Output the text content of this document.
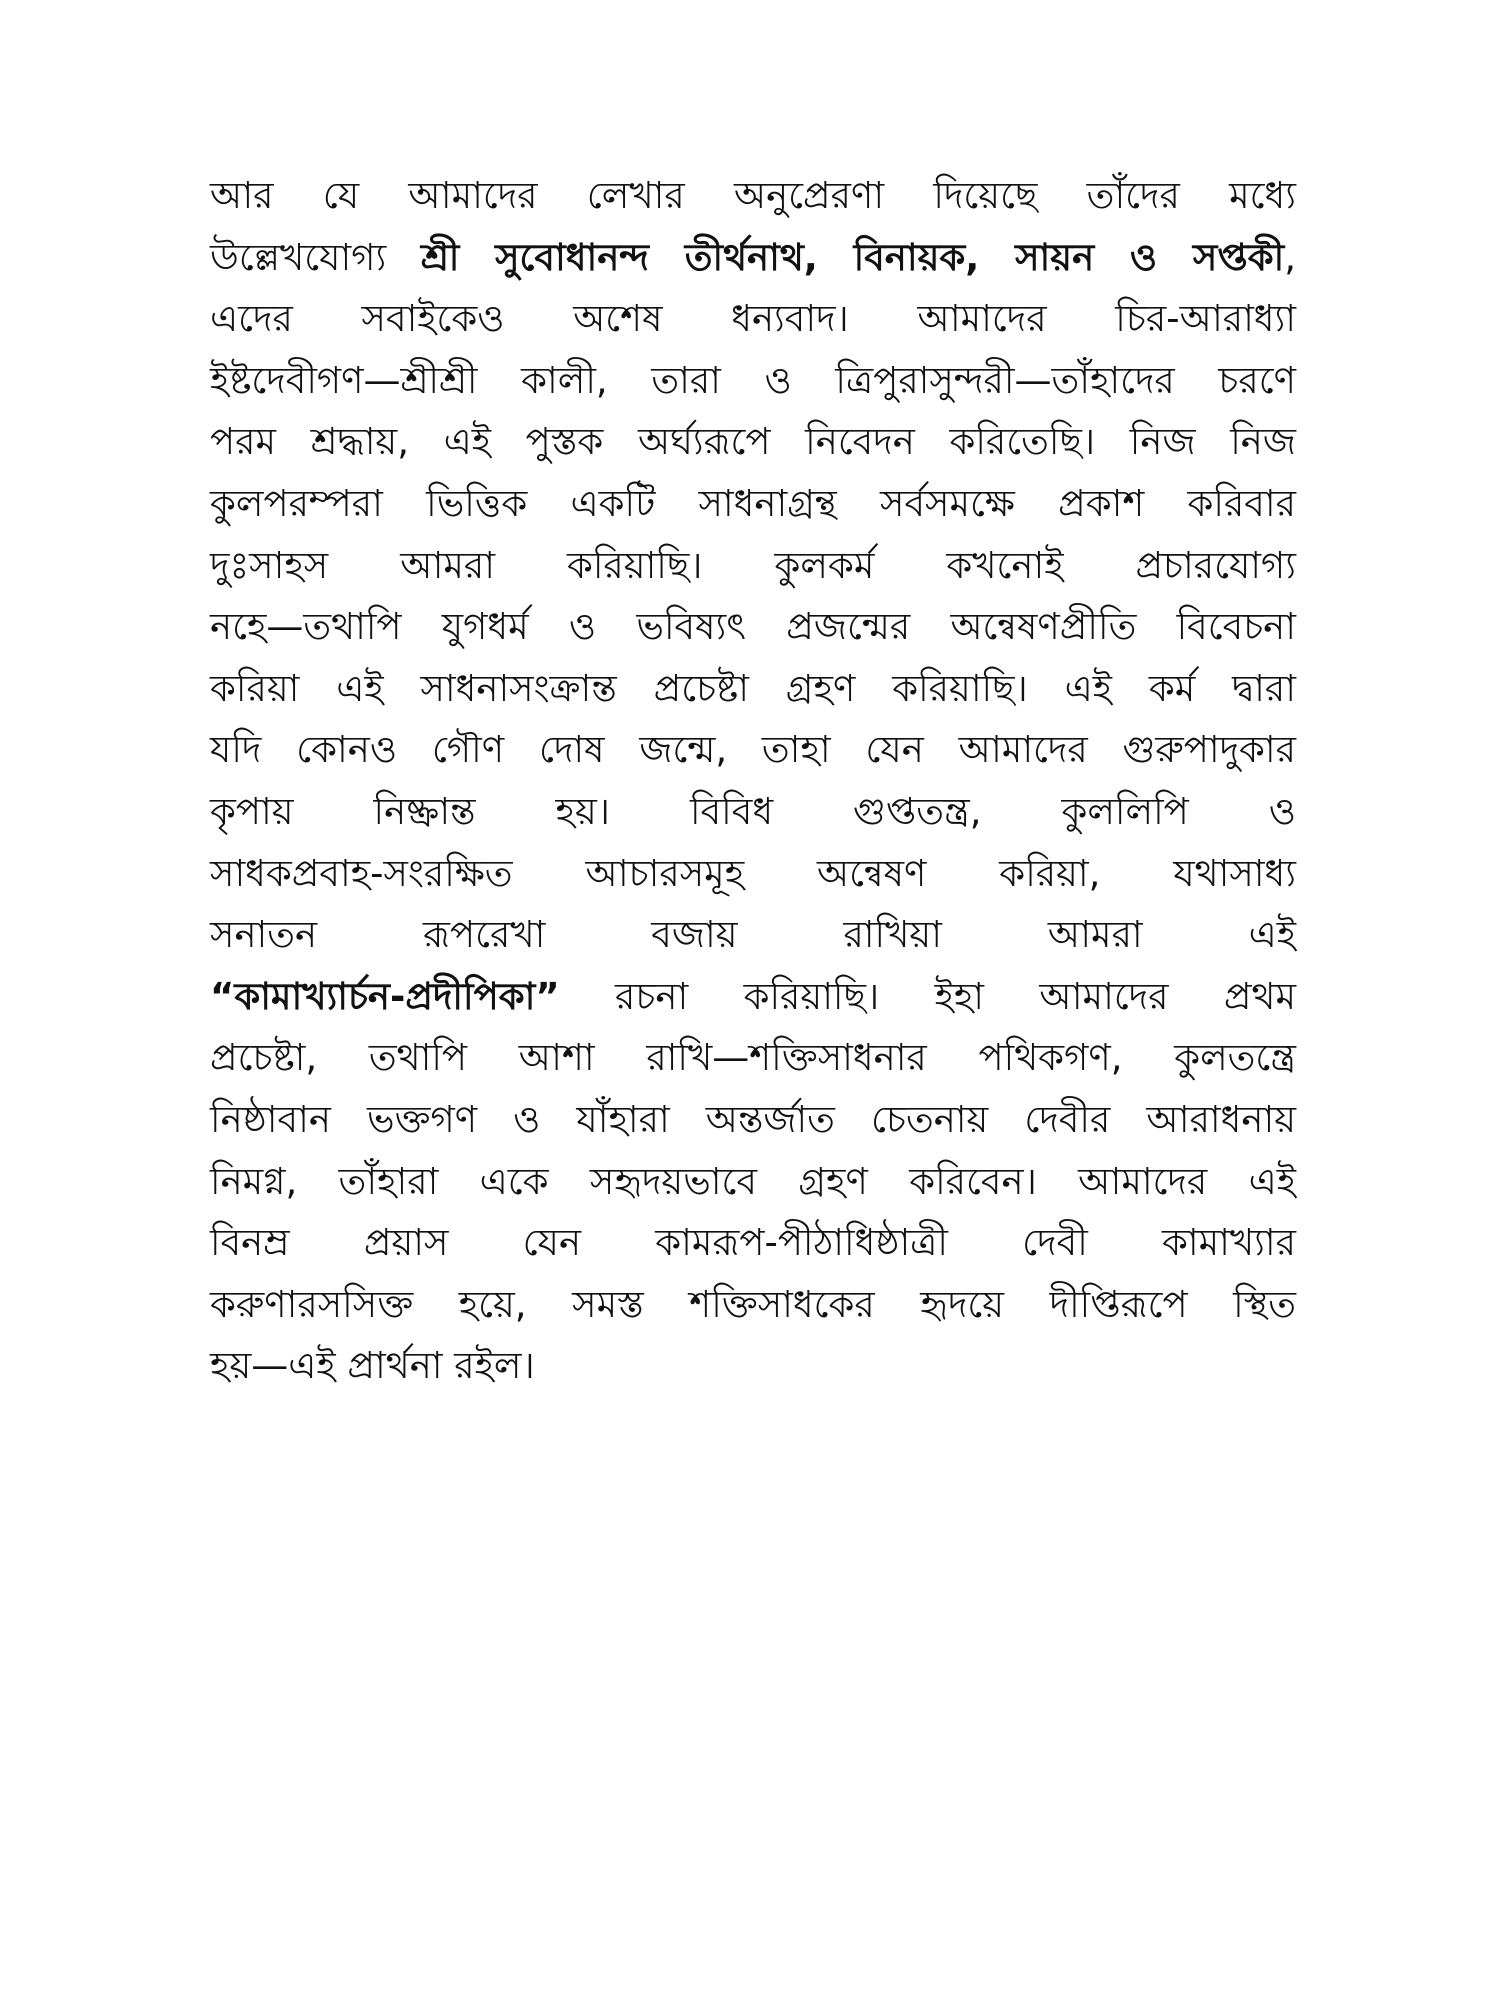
আর যে আমাদের লেখার অনুপ্রেরণা দিয়েছে তাঁদের মধ্যে
উল্লেখযোগ্য শ্রী সুবোধানন্দ তীর্থনাথ, বিনায়ক, সায়ন ও সপ্তকী,
এদের সবাইকেও অশেষ ধন্যবাদ। আমাদের চির-আরাধ্যা
ইষ্টদেবীগণ—শ্রীশ্রী কালী, তারা ও ত্রিপুরাসুন্দরী—তাঁহাদের চরণে
পরম শ্রদ্ধায়, এই পুস্তক অর্ঘ্যরূপে নিবেদন করিতেছি। নিজ নিজ
কুলপরম্পরা ভিত্তিক একটি সাধনাগ্রন্থ সর্বসমক্ষে প্রকাশ করিবার
দুঃসাহস আমরা করিয়াছি। কুলকর্ম কখনোই প্রচারযোগ্য
নহে—তথাপি যুগধর্ম ও ভবিষ্যৎ প্রজন্মের অন্বেষণপ্রীতি বিবেচনা
করিয়া এই সাধনাসংক্রান্ত প্রচেষ্টা গ্রহণ করিয়াছি। এই কর্ম দ্বারা
যদি কোনও গৌণ দোষ জন্মে, তাহা যেন আমাদের গুরুপাদুকার
কৃপায় নিষ্ক্রান্ত হয়। বিবিধ গুপ্ততন্ত্র, কুললিপি ও
সাধকপ্রবাহ-সংরক্ষিত আচারসমূহ অন্বেষণ করিয়া, যথাসাধ্য
সনাতন রূপরেখা বজায় রাখিয়া আমরা এই
“কামাখ্যার্চন-প্রদীপিকা” রচনা করিয়াছি। ইহা আমাদের প্রথম
প্রচেষ্টা, তথাপি আশা রাখি—শক্তিসাধনার পথিকগণ, কুলতন্ত্রে
নিষ্ঠাবান ভক্তগণ ও যাঁহারা অন্তর্জাত চেতনায় দেবীর আরাধনায়
নিমগ্ন, তাঁহারা একে সহৃদয়ভাবে গ্রহণ করিবেন। আমাদের এই
বিনম্র প্রয়াস যেন কামরূপ-পীঠাধিষ্ঠাত্রী দেবী কামাখ্যার
করুণারসসিক্ত হয়ে, সমস্ত শক্তিসাধকের হৃদয়ে দীপ্তিরূপে স্থিত
হয়—এই প্রার্থনা রইল।
